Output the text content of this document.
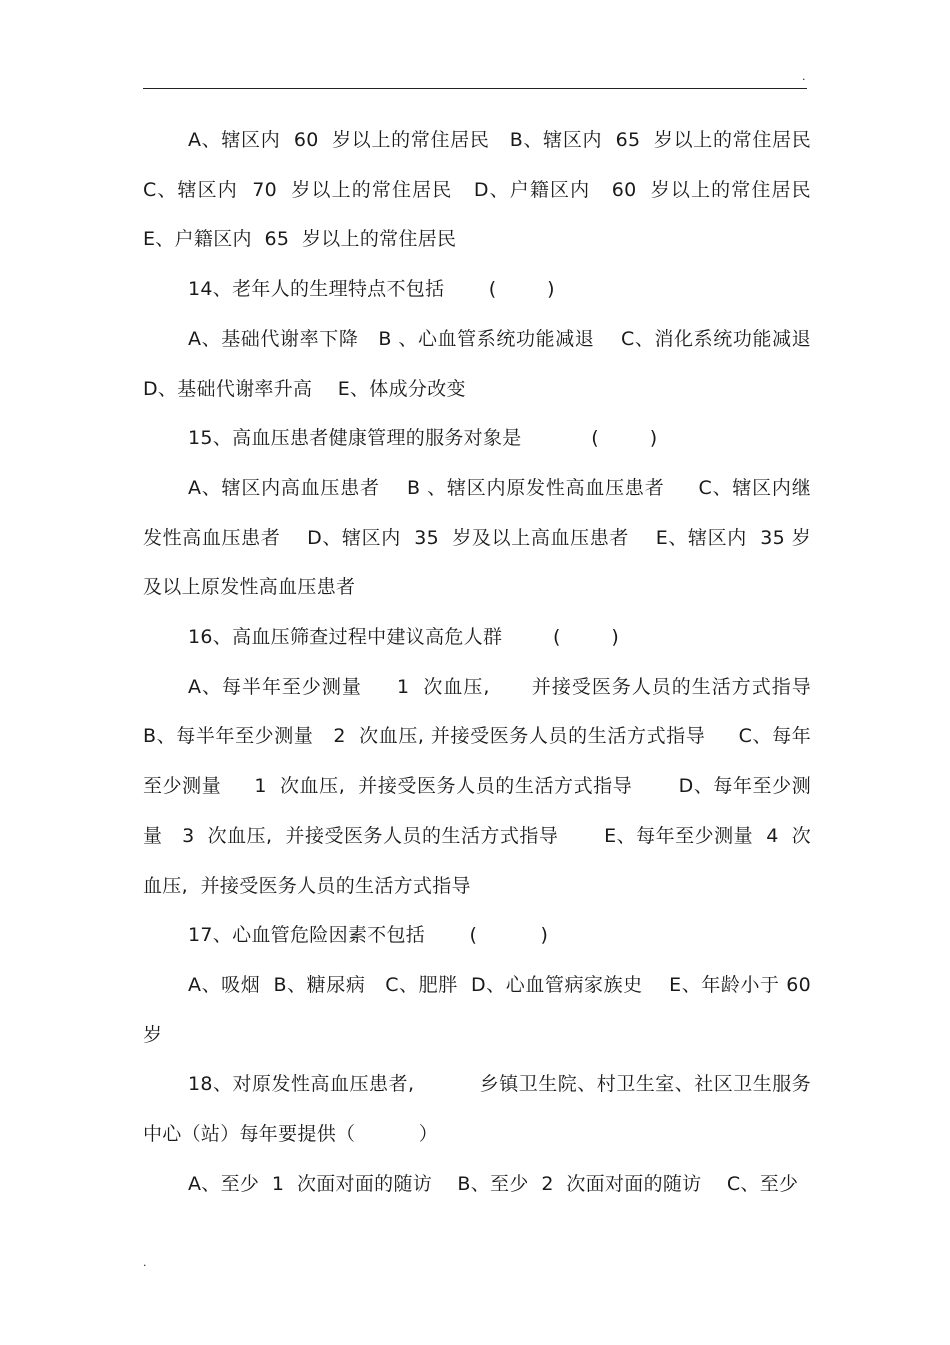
.

A、辖区内  60  岁以上的常住居民   B、辖区内  65  岁以上的常住居民 C、辖区内  70  岁以上的常住居民   D、户籍区内   60  岁以上的常住居民 E、户籍区内  65  岁以上的常住居民

14、老年人的生理特点不包括       (        )

A、基础代谢率下降   B 、心血管系统功能减退    C、消化系统功能减退 D、基础代谢率升高    E、体成分改变

15、高血压患者健康管理的服务对象是           (        )

A、辖区内高血压患者    B 、辖区内原发性高血压患者     C、辖区内继发性高血压患者    D、辖区内  35  岁及以上高血压患者    E、辖区内  35 岁及以上原发性高血压患者

16、高血压筛查过程中建议高危人群        (        )

A、每半年至少测量     1  次血压,      并接受医务人员的生活方式指导 B、每半年至少测量   2  次血压, 并接受医务人员的生活方式指导     C、每年至少测量     1  次血压,  并接受医务人员的生活方式指导       D、每年至少测量   3  次血压,  并接受医务人员的生活方式指导       E、每年至少测量  4  次血压,  并接受医务人员的生活方式指导

17、心血管危险因素不包括       (          )

A、吸烟  B、糖尿病   C、肥胖  D、心血管病家族史    E、年龄小于 60  岁

18、对原发性高血压患者,          乡镇卫生院、村卫生室、社区卫生服务中心（站）每年要提供（          ）

A、至少  1  次面对面的随访    B、至少  2  次面对面的随访    C、至少

.
